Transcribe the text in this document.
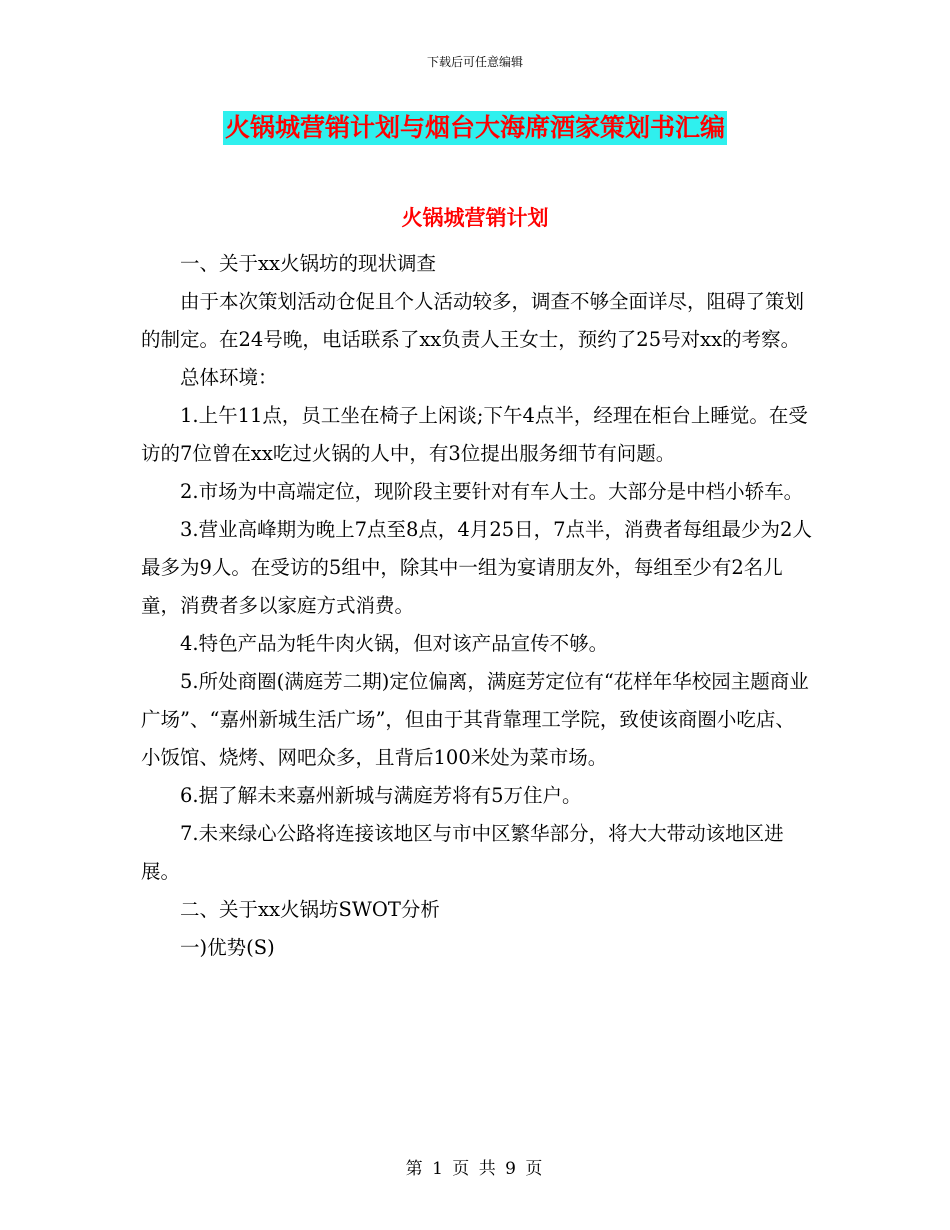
下载后可任意编辑
火锅城营销计划与烟台大海席酒家策划书汇编
火锅城营销计划

一、关于xx火锅坊的现状调查

由于本次策划活动仓促且个人活动较多，调查不够全面详尽，阻碍了策划的制定。在24号晚，电话联系了xx负责人王女士，预约了25号对xx的考察。

总体环境：

1.上午11点，员工坐在椅子上闲谈;下午4点半，经理在柜台上睡觉。在受访的7位曾在xx吃过火锅的人中，有3位提出服务细节有问题。

2.市场为中高端定位，现阶段主要针对有车人士。大部分是中档小轿车。

3.营业高峰期为晚上7点至8点，4月25日，7点半，消费者每组最少为2人最多为9人。在受访的5组中，除其中一组为宴请朋友外，每组至少有2名儿童，消费者多以家庭方式消费。

4.特色产品为牦牛肉火锅，但对该产品宣传不够。

5.所处商圈(满庭芳二期)定位偏离，满庭芳定位有“花样年华校园主题商业广场”、“嘉州新城生活广场”，但由于其背靠理工学院，致使该商圈小吃店、小饭馆、烧烤、网吧众多，且背后100米处为菜市场。

6.据了解未来嘉州新城与满庭芳将有5万住户。

7.未来绿心公路将连接该地区与市中区繁华部分，将大大带动该地区进展。

二、关于xx火锅坊SWOT分析

一)优势(S)

第 1 页 共 9 页
